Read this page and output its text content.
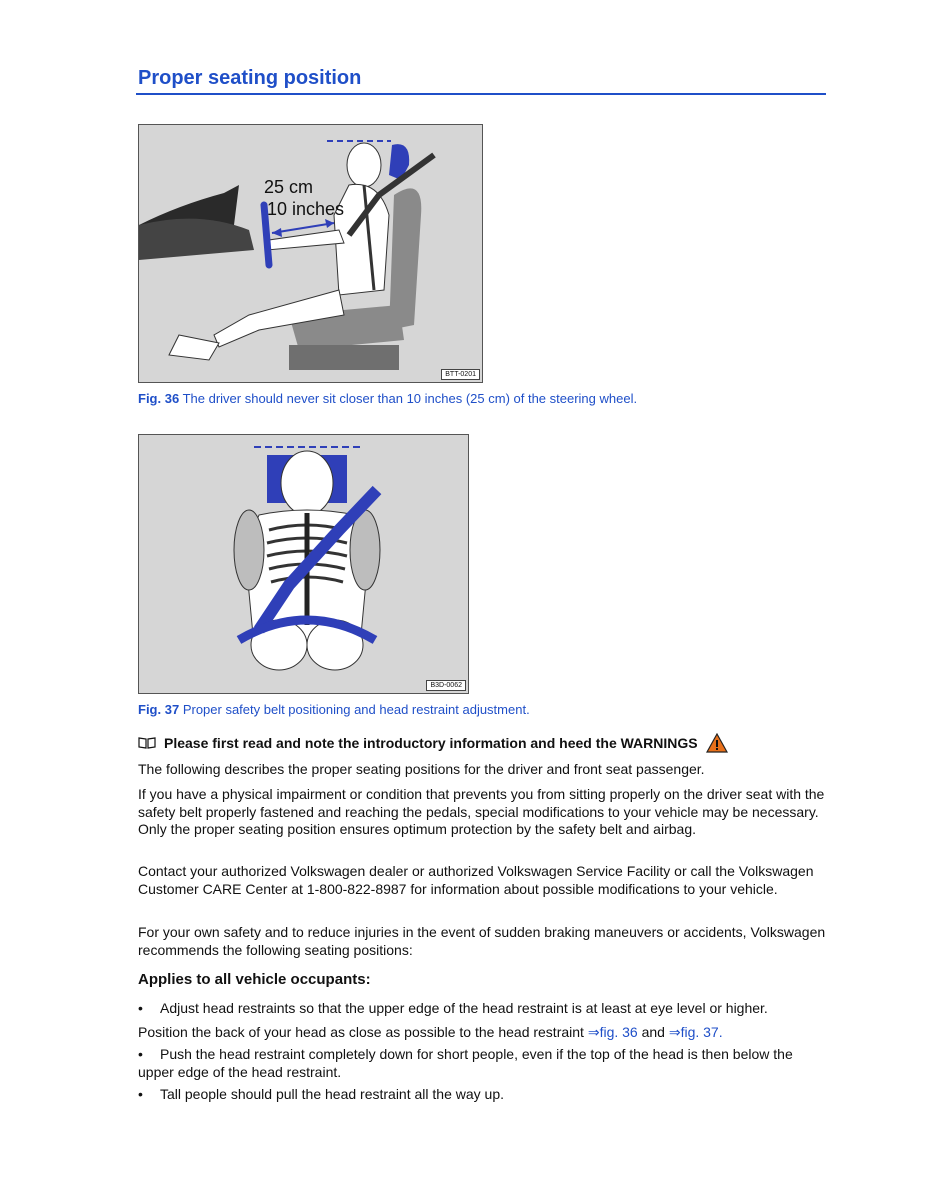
Proper seating position
25 cm
10 inches
BTT-0201

Fig. 36 The driver should never sit closer than 10 inches (25 cm) of the steering wheel.

B3D-0062

Fig. 37 Proper safety belt positioning and head restraint adjustment.

Please first read and note the introductory information and heed the WARNINGS

The following describes the proper seating positions for the driver and front seat passenger.

If you have a physical impairment or condition that prevents you from sitting properly on the driver seat with the safety belt properly fastened and reaching the pedals, special modifications to your vehicle may be necessary. Only the proper seating position ensures optimum protection by the safety belt and airbag.

Contact your authorized Volkswagen dealer or authorized Volkswagen Service Facility or call the Volkswagen Customer CARE Center at 1-800-822-8987 for information about possible modifications to your vehicle.

For your own safety and to reduce injuries in the event of sudden braking maneuvers or accidents, Volkswagen recommends the following seating positions:

Applies to all vehicle occupants:

• Adjust head restraints so that the upper edge of the head restraint is at least at eye level or higher.

Position the back of your head as close as possible to the head restraint ⇒fig. 36 and ⇒fig. 37.

• Push the head restraint completely down for short people, even if the top of the head is then below the upper edge of the head restraint.

• Tall people should pull the head restraint all the way up.
